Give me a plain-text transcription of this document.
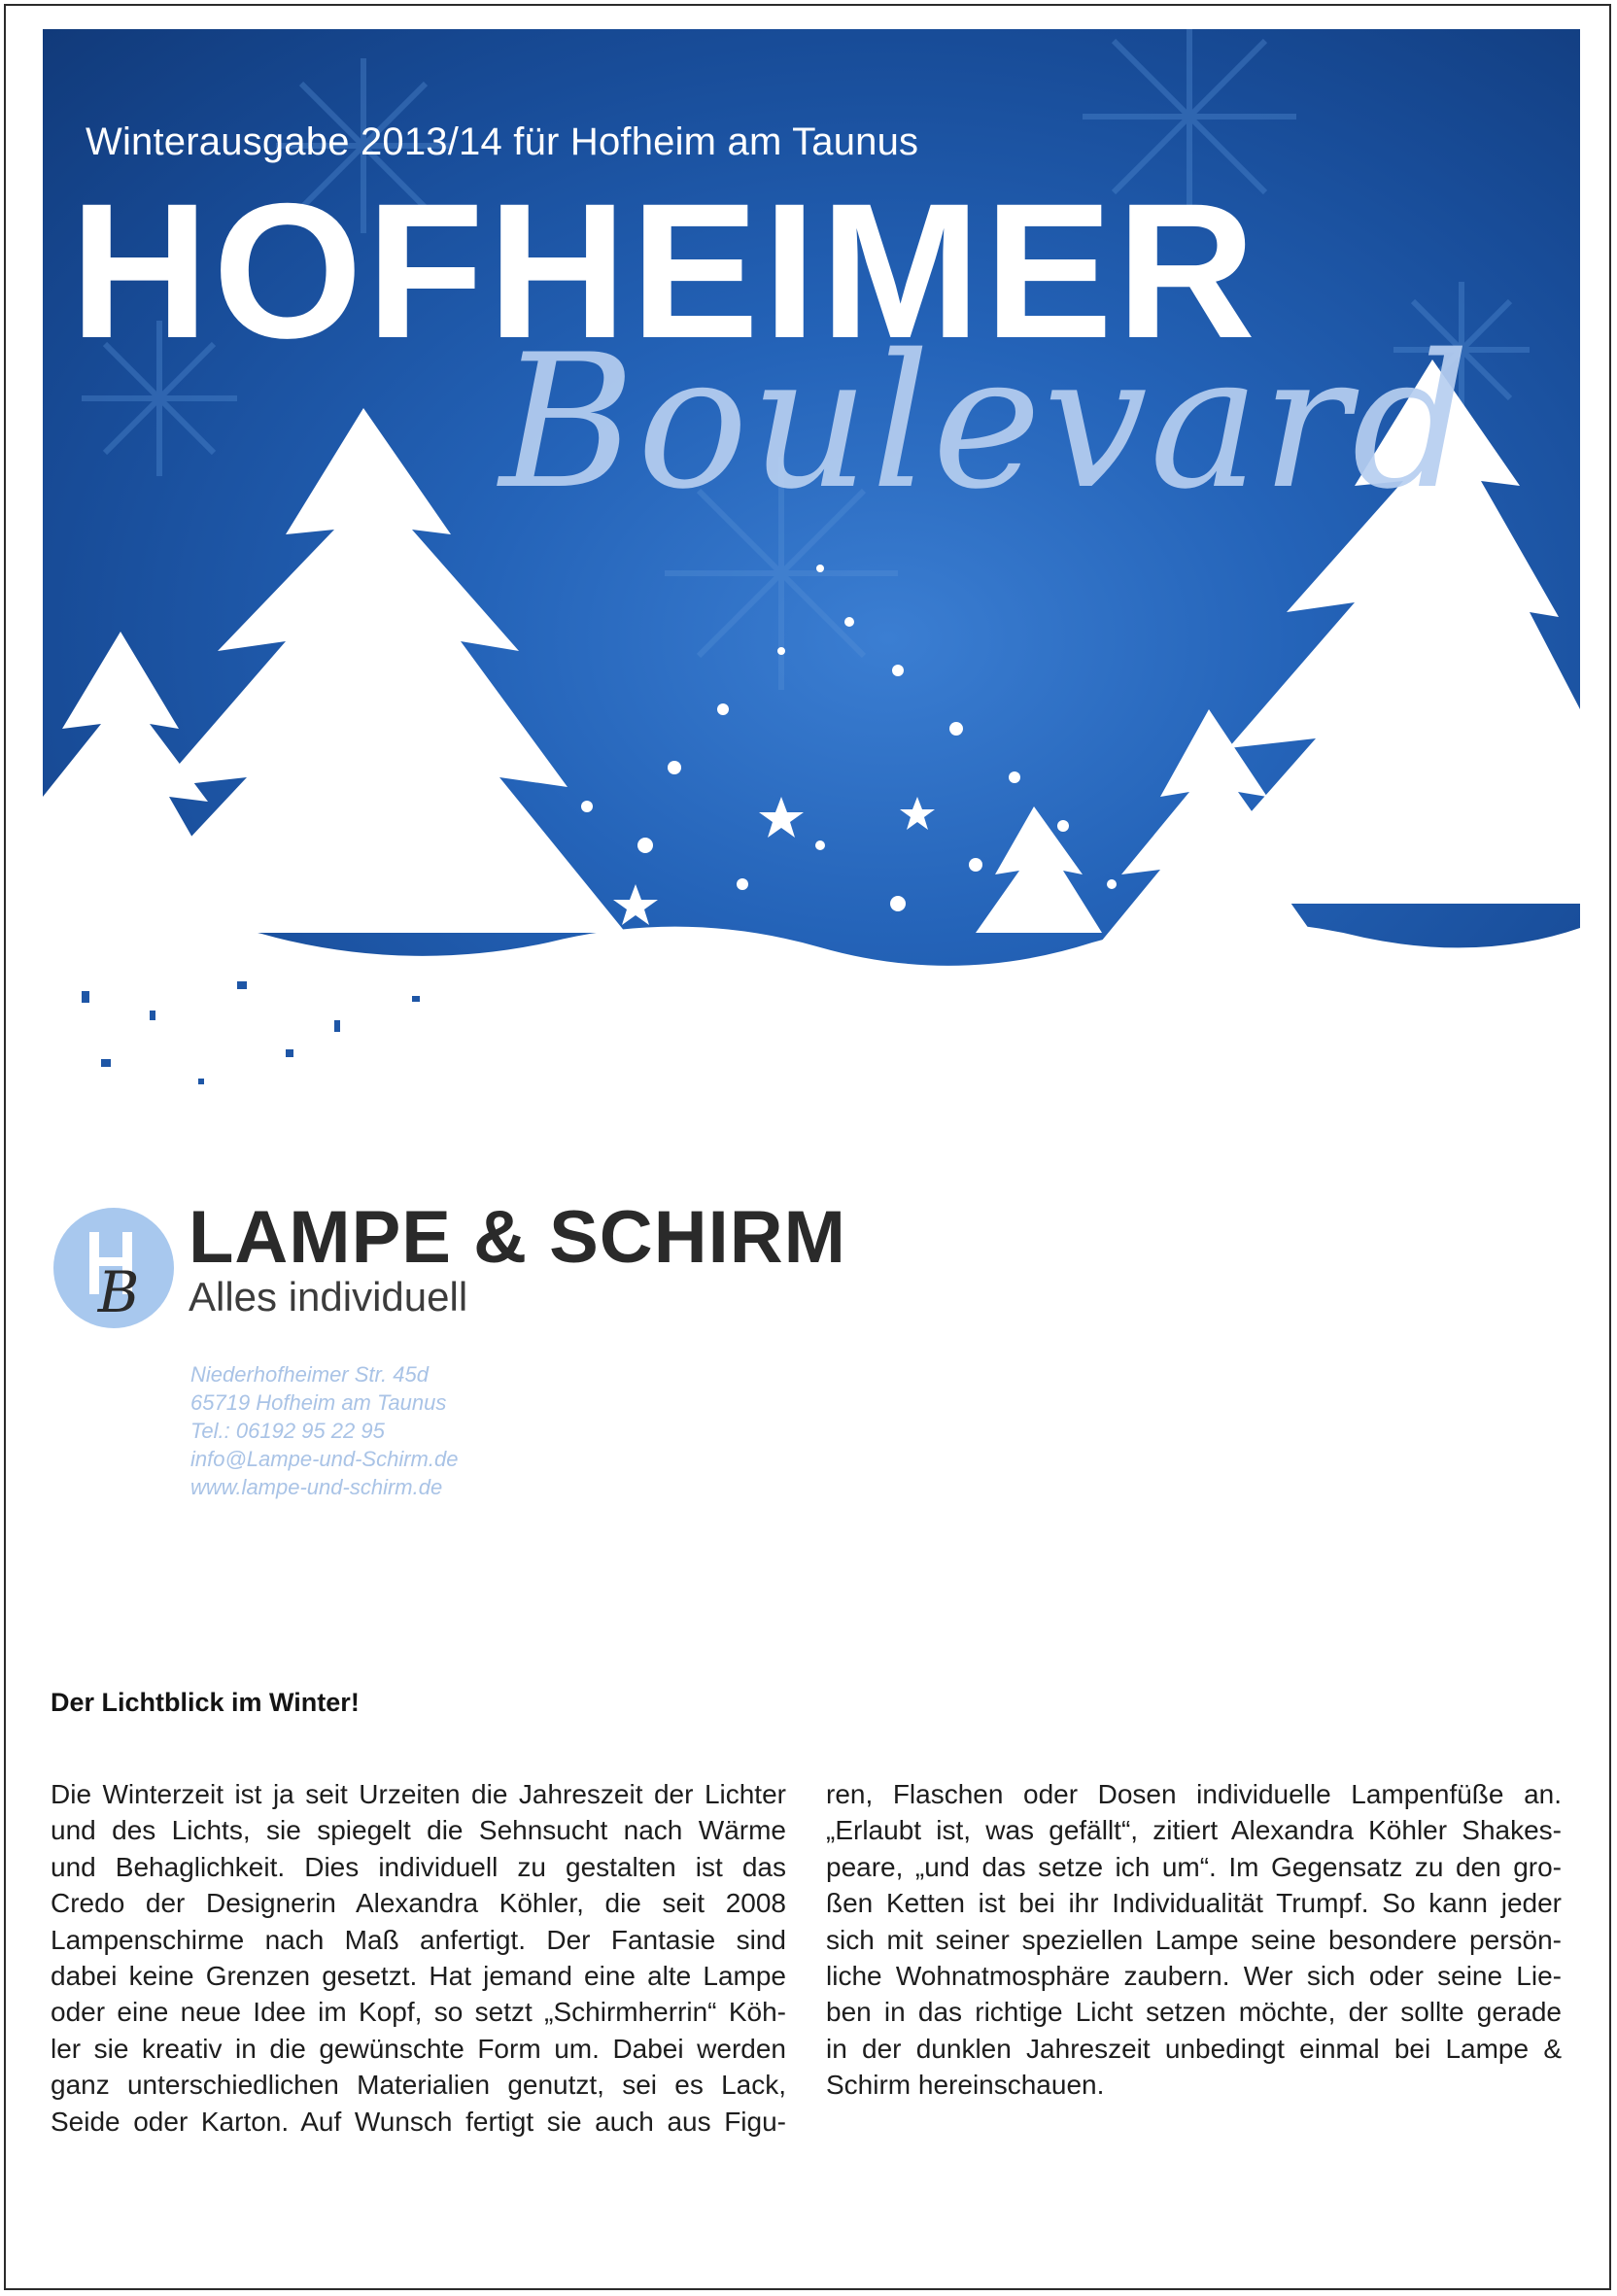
Winterausgabe 2013/14 für Hofheim am Taunus
HOFHEIMER
Boulevard
B
LAMPE & SCHIRM
Alles individuell
Niederhofheimer Str. 45d
65719 Hofheim am Taunus
Tel.: 06192 95 22 95
info@Lampe-und-Schirm.de
www.lampe-und-schirm.de
Der Lichtblick im Winter!
Die Winterzeit ist ja seit Urzeiten die Jahreszeit der Lichter
und des Lichts, sie spiegelt die Sehnsucht nach Wärme
und Behaglichkeit. Dies individuell zu gestalten ist das
Credo der Designerin Alexandra Köhler, die seit 2008
Lampenschirme nach Maß anfertigt. Der Fantasie sind
dabei keine Grenzen gesetzt. Hat jemand eine alte Lampe
oder eine neue Idee im Kopf, so setzt „Schirmherrin“ Köh-
ler sie kreativ in die gewünschte Form um. Dabei werden
ganz unterschiedlichen Materialien genutzt, sei es Lack,
Seide oder Karton. Auf Wunsch fertigt sie auch aus Figu-
ren, Flaschen oder Dosen individuelle Lampenfüße an.
„Erlaubt ist, was gefällt“, zitiert Alexandra Köhler Shakes-
peare, „und das setze ich um“. Im Gegensatz zu den gro-
ßen Ketten ist bei ihr Individualität Trumpf. So kann jeder
sich mit seiner speziellen Lampe seine besondere persön-
liche Wohnatmosphäre zaubern. Wer sich oder seine Lie-
ben in das richtige Licht setzen möchte, der sollte gerade
in der dunklen Jahreszeit unbedingt einmal bei Lampe &
Schirm hereinschauen.
